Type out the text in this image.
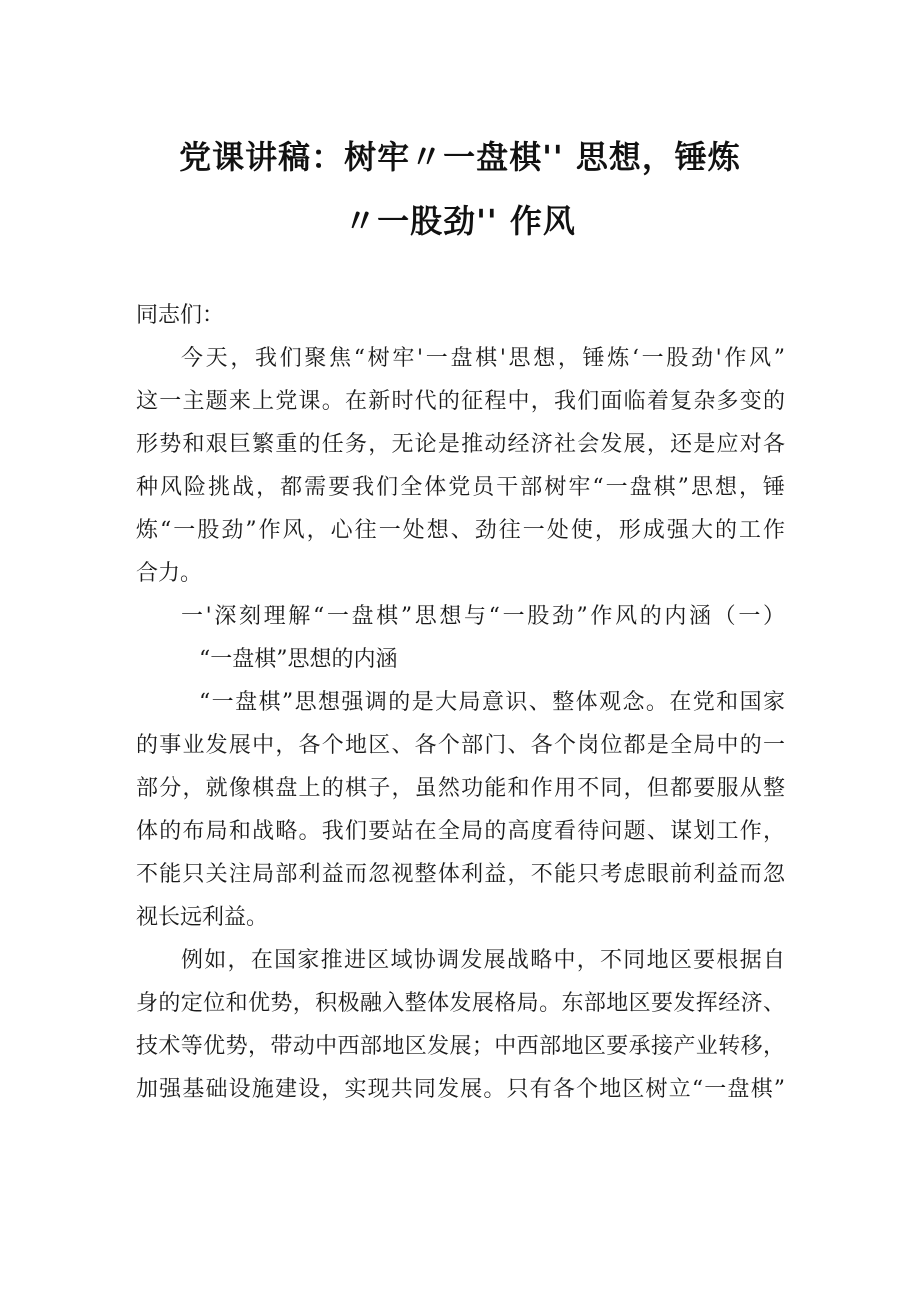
党课讲稿：树牢〃一盘棋'' 思想，锤炼
〃一股劲'' 作风
同志们：
今天，我们聚焦“树牢'一盘棋'思想，锤炼‘一股劲'作风”
这一主题来上党课。在新时代的征程中，我们面临着复杂多变的
形势和艰巨繁重的任务，无论是推动经济社会发展，还是应对各
种风险挑战，都需要我们全体党员干部树牢“一盘棋”思想，锤
炼“一股劲”作风，心往一处想、劲往一处使，形成强大的工作
合力。
一'深刻理解“一盘棋”思想与“一股劲”作风的内涵（一）
“一盘棋”思想的内涵
“一盘棋”思想强调的是大局意识、整体观念。在党和国家
的事业发展中，各个地区、各个部门、各个岗位都是全局中的一
部分，就像棋盘上的棋子，虽然功能和作用不同，但都要服从整
体的布局和战略。我们要站在全局的高度看待问题、谋划工作，
不能只关注局部利益而忽视整体利益，不能只考虑眼前利益而忽
视长远利益。
例如，在国家推进区域协调发展战略中，不同地区要根据自
身的定位和优势，积极融入整体发展格局。东部地区要发挥经济、
技术等优势，带动中西部地区发展；中西部地区要承接产业转移，
加强基础设施建设，实现共同发展。只有各个地区树立“一盘棋”
